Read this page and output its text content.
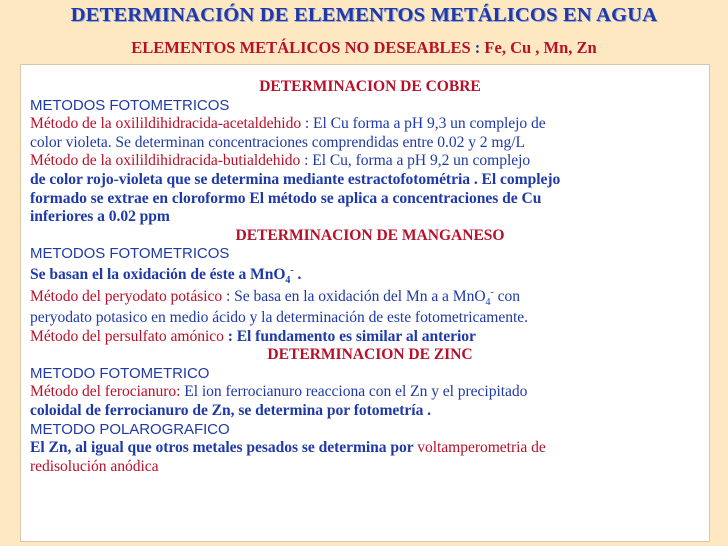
DETERMINACIÓN DE ELEMENTOS METÁLICOS EN AGUA
ELEMENTOS METÁLICOS NO DESEABLES : Fe, Cu , Mn, Zn
DETERMINACION DE COBRE
METODOS FOTOMETRICOS
Método de la oxilildihidracida-acetaldehido : El Cu forma a pH 9,3 un complejo de
color violeta. Se determinan concentraciones comprendidas entre 0.02 y 2 mg/L
Método de la oxilildihidracida-butialdehido : El Cu, forma a pH 9,2 un complejo
de color rojo-violeta que se determina mediante estractofotométria . El complejo
formado se extrae en cloroformo El método se aplica a concentraciones de Cu
inferiores a 0.02 ppm
DETERMINACION DE MANGANESO
METODOS FOTOMETRICOS
Se basan el la oxidación de éste a MnO$_4$- .
Método del peryodato potásico : Se basa en la oxidación del Mn a a MnO$_4$- con
peryodato potasico en medio ácido y la determinación de este fotometricamente.
Método del persulfato amónico : El fundamento es similar al anterior
DETERMINACION DE ZINC
METODO FOTOMETRICO
Método del ferocianuro: El ion ferrocianuro reacciona con el Zn y el precipitado
coloidal de ferrocianuro de Zn, se determina por fotometría .
METODO POLAROGRAFICO
El Zn, al igual que otros metales pesados se determina por voltamperometria de
redisolución anódica
